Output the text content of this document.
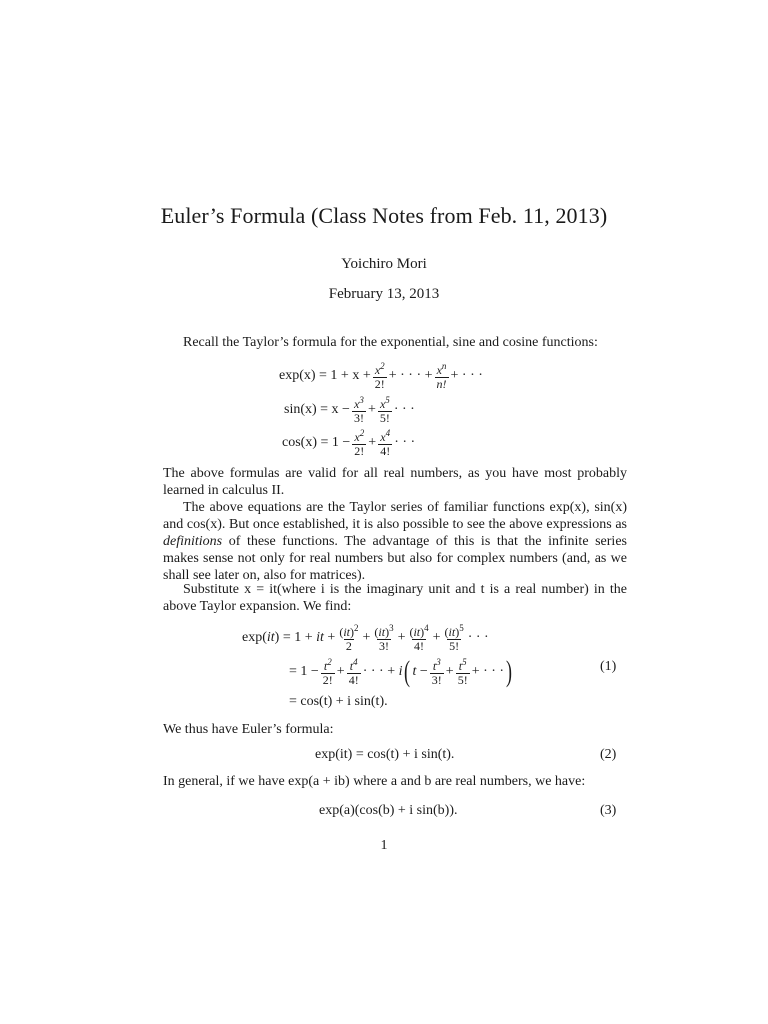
Euler’s Formula (Class Notes from Feb. 11, 2013)
Yoichiro Mori
February 13, 2013
Recall the Taylor’s formula for the exponential, sine and cosine functions:
$\exp(x) = 1 + x + \frac{x^2}{2!}$ + · · · + $\frac{x^n}{n!}$ + · · ·
$\sin(x) = x - \frac{x^3}{3!} + \frac{x^5}{5!}$ · · ·
$\cos(x) = 1 - \frac{x^2}{2!} + \frac{x^4}{4!}$ · · ·
The above formulas are valid for all real numbers, as you have most probably learned in calculus II.
The above equations are the Taylor series of familiar functions exp(x), sin(x) and cos(x). But once established, it is also possible to see the above expressions as definitions of these functions. The advantage of this is that the infinite series makes sense not only for real numbers but also for complex numbers (and, as we shall see later on, also for matrices).
Substitute x = it(where i is the imaginary unit and t is a real number) in the above Taylor expansion. We find:
exp(it) = 1 + it + $\frac{(it)^2}{2} + \frac{(it)^3}{3!} + \frac{(it)^4}{4!} + \frac{(it)^5}{5!}$ · · ·
= $1 - \frac{t^2}{2!} + \frac{t^4}{4!}$ · · · + i ( $t - \frac{t^3}{3!} + \frac{t^5}{5!}$ + · · · )	(1)
= cos(t) + i sin(t).
We thus have Euler’s formula:
exp(it) = cos(t) + i sin(t).	(2)
In general, if we have exp(a + ib) where a and b are real numbers, we have:
exp(a)(cos(b) + i sin(b)).	(3)
1
